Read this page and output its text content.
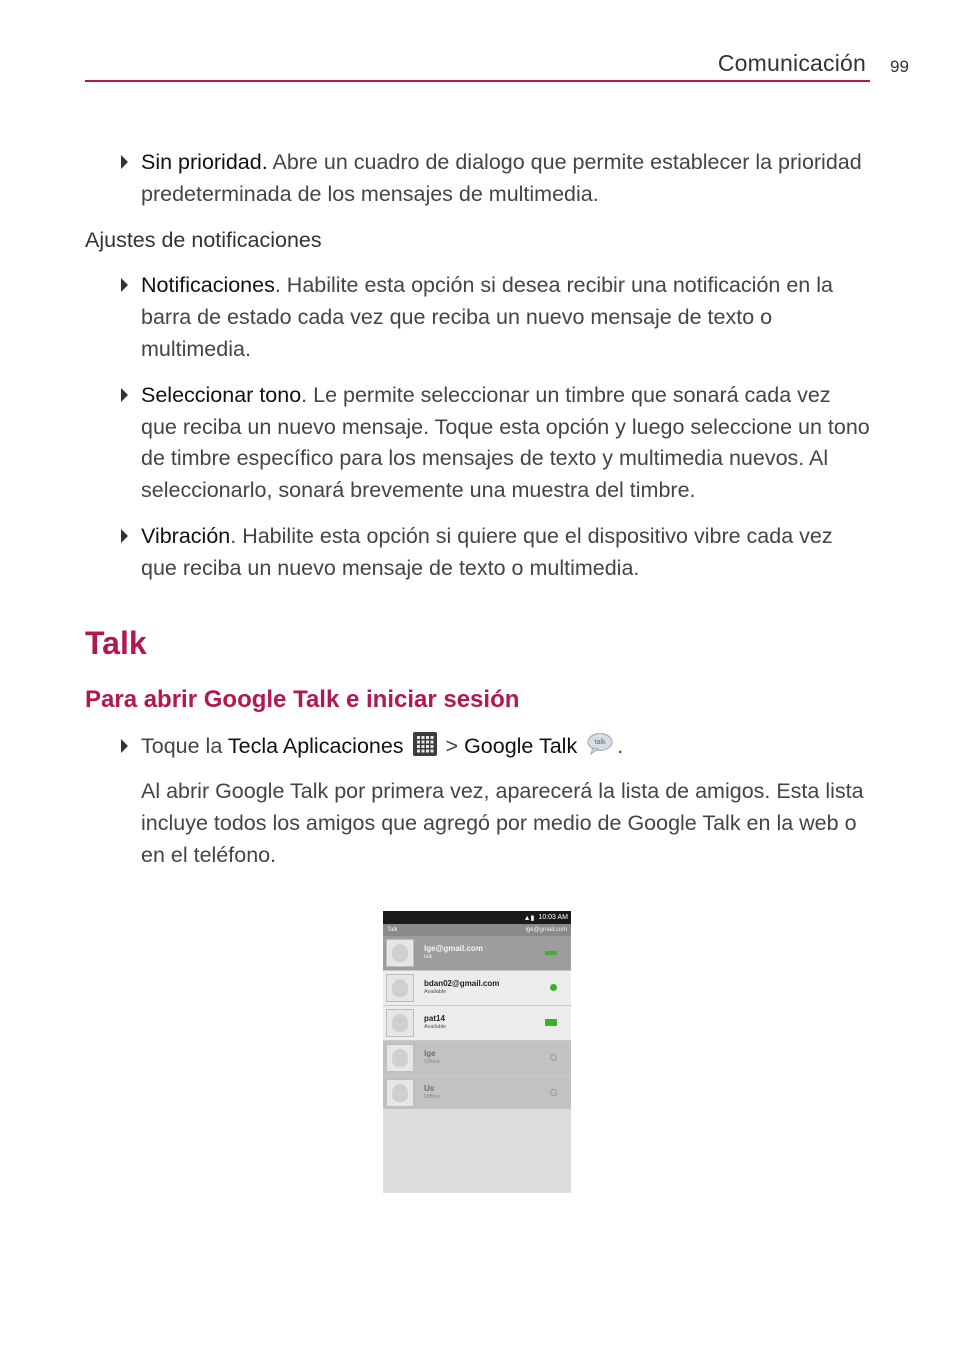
Comunicación 99
Sin prioridad. Abre un cuadro de dialogo que permite establecer la prioridad predeterminada de los mensajes de multimedia.
Ajustes de notificaciones
Notificaciones. Habilite esta opción si desea recibir una notificación en la barra de estado cada vez que reciba un nuevo mensaje de texto o multimedia.
Seleccionar tono. Le permite seleccionar un timbre que sonará cada vez que reciba un nuevo mensaje. Toque esta opción y luego seleccione un tono de timbre específico para los mensajes de texto y multimedia nuevos. Al seleccionarlo, sonará brevemente una muestra del timbre.
Vibración. Habilite esta opción si quiere que el dispositivo vibre cada vez que reciba un nuevo mensaje de texto o multimedia.
Talk
Para abrir Google Talk e iniciar sesión
Toque la Tecla Aplicaciones
> Google Talk	talk .
Al abrir Google Talk por primera vez, aparecerá la lista de amigos. Esta lista incluye todos los amigos que agregó por medio de Google Talk en la web o en el teléfono.
▲▮ 10:03 AM
Talk	lge@gmail.com
lge@gmail.com
talk
bdan02@gmail.com
Available
pat14
Available
lge
Offline
Us
Offline
